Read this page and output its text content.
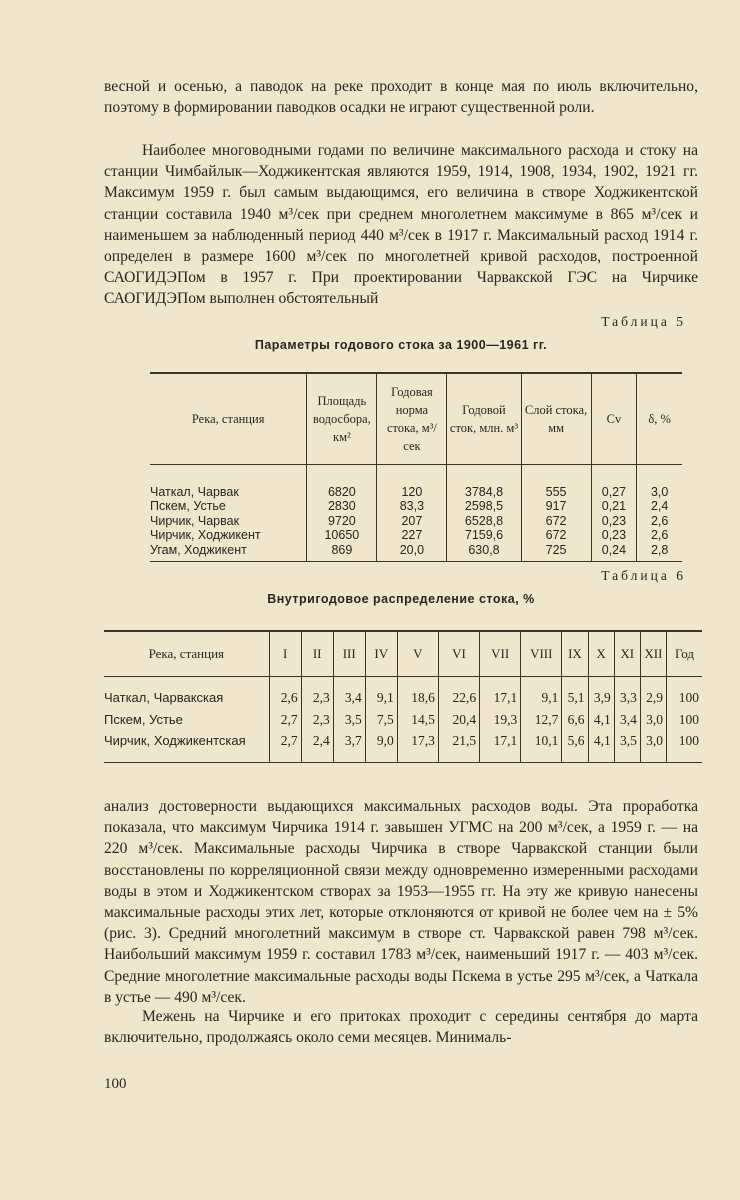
весной и осенью, а паводок на реке проходит в конце мая по июль включительно, поэтому в формировании паводков осадки не играют существенной роли.

Наиболее многоводными годами по величине максимального расхода и стоку на станции Чимбайлык—Ходжикентская являются 1959, 1914, 1908, 1934, 1902, 1921 гг. Максимум 1959 г. был самым выдающимся, его величина в створе Ходжикентской станции составила 1940 м³/сек при среднем многолетнем максимуме в 865 м³/сек и наименьшем за наблюденный период 440 м³/сек в 1917 г. Максимальный расход 1914 г. определен в размере 1600 м³/сек по многолетней кривой расходов, построенной САОГИДЭПом в 1957 г. При проектировании Чарвакской ГЭС на Чирчике САОГИДЭПом выполнен обстоятельный

Таблица 5
Параметры годового стока за 1900—1961 гг.
Река, станция	Площадь водосбора, км²	Годовая норма стока, м³/сек	Годовой сток, млн. м³	Слой стока, мм	Cv	δ, %
Чаткал, Чарвак	6820	120	3784,8	555	0,27	3,0
Пскем, Устье	2830	83,3	2598,5	917	0,21	2,4
Чирчик, Чарвак	9720	207	6528,8	672	0,23	2,6
Чирчик, Ходжикент	10650	227	7159,6	672	0,23	2,6
Угам, Ходжикент	869	20,0	630,8	725	0,24	2,8
Таблица 6
Внутригодовое распределение стока, %
Река, станция	I	II	III	IV	V	VI	VII	VIII	IX	X	XI	XII	Год
Чаткал, Чарвакская	2,6	2,3	3,4	9,1	18,6	22,6	17,1	9,1	5,1	3,9	3,3	2,9	100
Пскем, Устье	2,7	2,3	3,5	7,5	14,5	20,4	19,3	12,7	6,6	4,1	3,4	3,0	100
Чирчик, Ходжикентская	2,7	2,4	3,7	9,0	17,3	21,5	17,1	10,1	5,6	4,1	3,5	3,0	100

анализ достоверности выдающихся максимальных расходов воды. Эта проработка показала, что максимум Чирчика 1914 г. завышен УГМС на 200 м³/сек, а 1959 г. — на 220 м³/сек. Максимальные расходы Чирчика в створе Чарвакской станции были восстановлены по корреляционной связи между одновременно измеренными расходами воды в этом и Ходжикентском створах за 1953—1955 гг. На эту же кривую нанесены максимальные расходы этих лет, которые отклоняются от кривой не более чем на ± 5% (рис. 3). Средний многолетний максимум в створе ст. Чарвакской равен 798 м³/сек. Наибольший максимум 1959 г. составил 1783 м³/сек, наименьший 1917 г. — 403 м³/сек. Средние многолетние максимальные расходы воды Пскема в устье 295 м³/сек, а Чаткала в устье — 490 м³/сек.

Межень на Чирчике и его притоках проходит с середины сентября до марта включительно, продолжаясь около семи месяцев. Минималь-

100
